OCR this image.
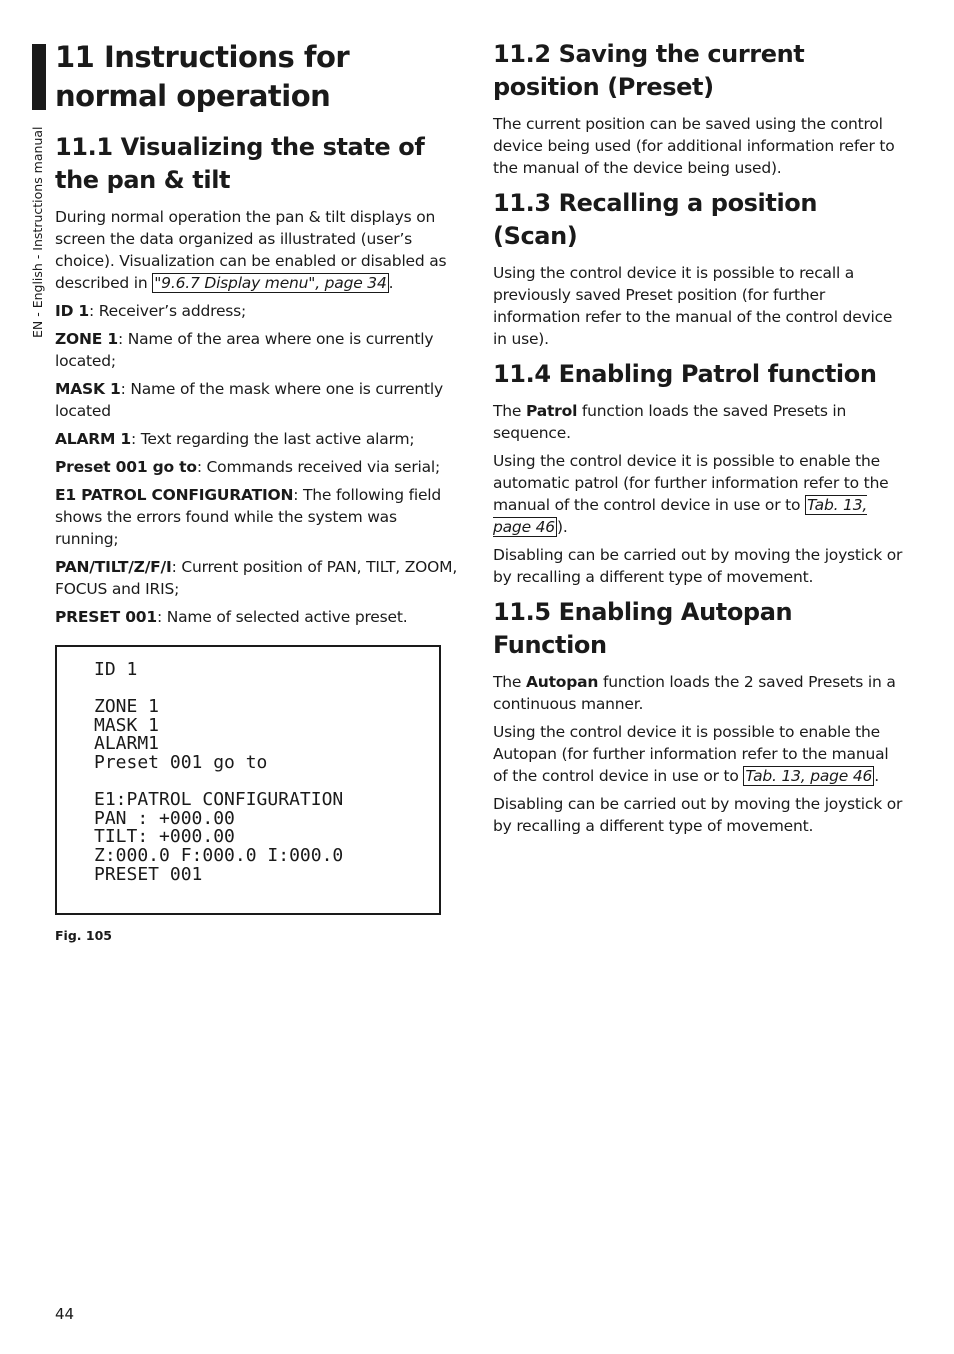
EN - English - Instructions manual
11 Instructions for normal operation
11.1 Visualizing the state of the pan & tilt

During normal operation the pan & tilt displays on screen the data organized as illustrated (user’s choice). Visualization can be enabled or disabled as described in "9.6.7 Display menu", page 34 .

ID 1: Receiver’s address;

ZONE 1: Name of the area where one is currently located;

MASK 1: Name of the mask where one is currently located

ALARM 1: Text regarding the last active alarm;

Preset 001 go to: Commands received via serial;

E1 PATROL CONFIGURATION: The following field shows the errors found while the system was running;

PAN/TILT/Z/F/I: Current position of PAN, TILT, ZOOM, FOCUS and IRIS;

PRESET 001: Name of selected active preset.

ID 1
ZONE 1
MASK 1
ALARM1
Preset 001 go to
E1:PATROL CONFIGURATION
PAN : +000.00
TILT: +000.00
Z:000.0 F:000.0 I:000.0
PRESET 001
Fig. 105
11.2 Saving the current position (Preset)

The current position can be saved using the control device being used (for additional information refer to the manual of the device being used).

11.3 Recalling a position (Scan)

Using the control device it is possible to recall a previously saved Preset position (for further information refer to the manual of the control device in use).

11.4 Enabling Patrol function

The Patrol function loads the saved Presets in sequence.

Using the control device it is possible to enable the automatic patrol (for further information refer to the manual of the control device in use or to Tab. 13, page 46 ).

Disabling can be carried out by moving the joystick or by recalling a different type of movement.

11.5 Enabling Autopan Function

The Autopan function loads the 2 saved Presets in a continuous manner.

Using the control device it is possible to enable the Autopan (for further information refer to the manual of the control device in use or to Tab. 13, page 46 .

Disabling can be carried out by moving the joystick or by recalling a different type of movement.

44
